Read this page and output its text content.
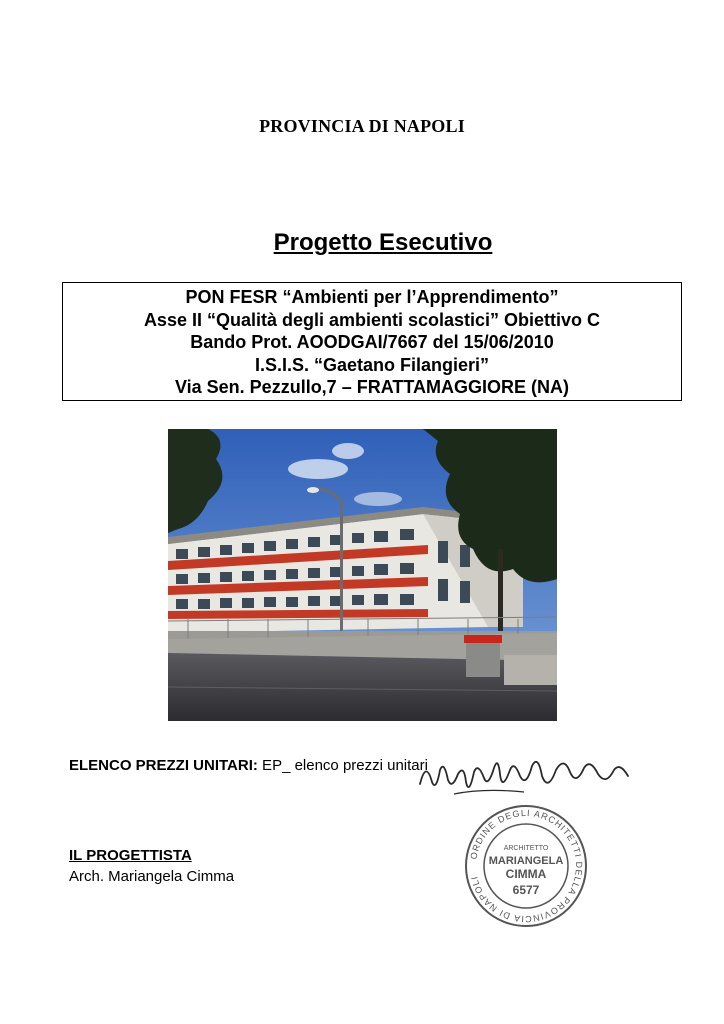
PROVINCIA DI NAPOLI
Progetto Esecutivo
PON FESR “Ambienti per l’Apprendimento”
Asse II “Qualità degli ambienti scolastici” Obiettivo C
Bando Prot. AOODGAI/7667 del 15/06/2010
I.S.I.S. “Gaetano Filangieri”
Via Sen. Pezzullo,7 – FRATTAMAGGIORE (NA)
ELENCO PREZZI UNITARI: EP_ elenco prezzi unitari
ORDINE DEGLI ARCHITETTI DELLA PROVINCIA DI NAPOLI
ARCHITETTO
MARIANGELA
CIMMA
6577
IL PROGETTISTA
Arch. Mariangela Cimma
